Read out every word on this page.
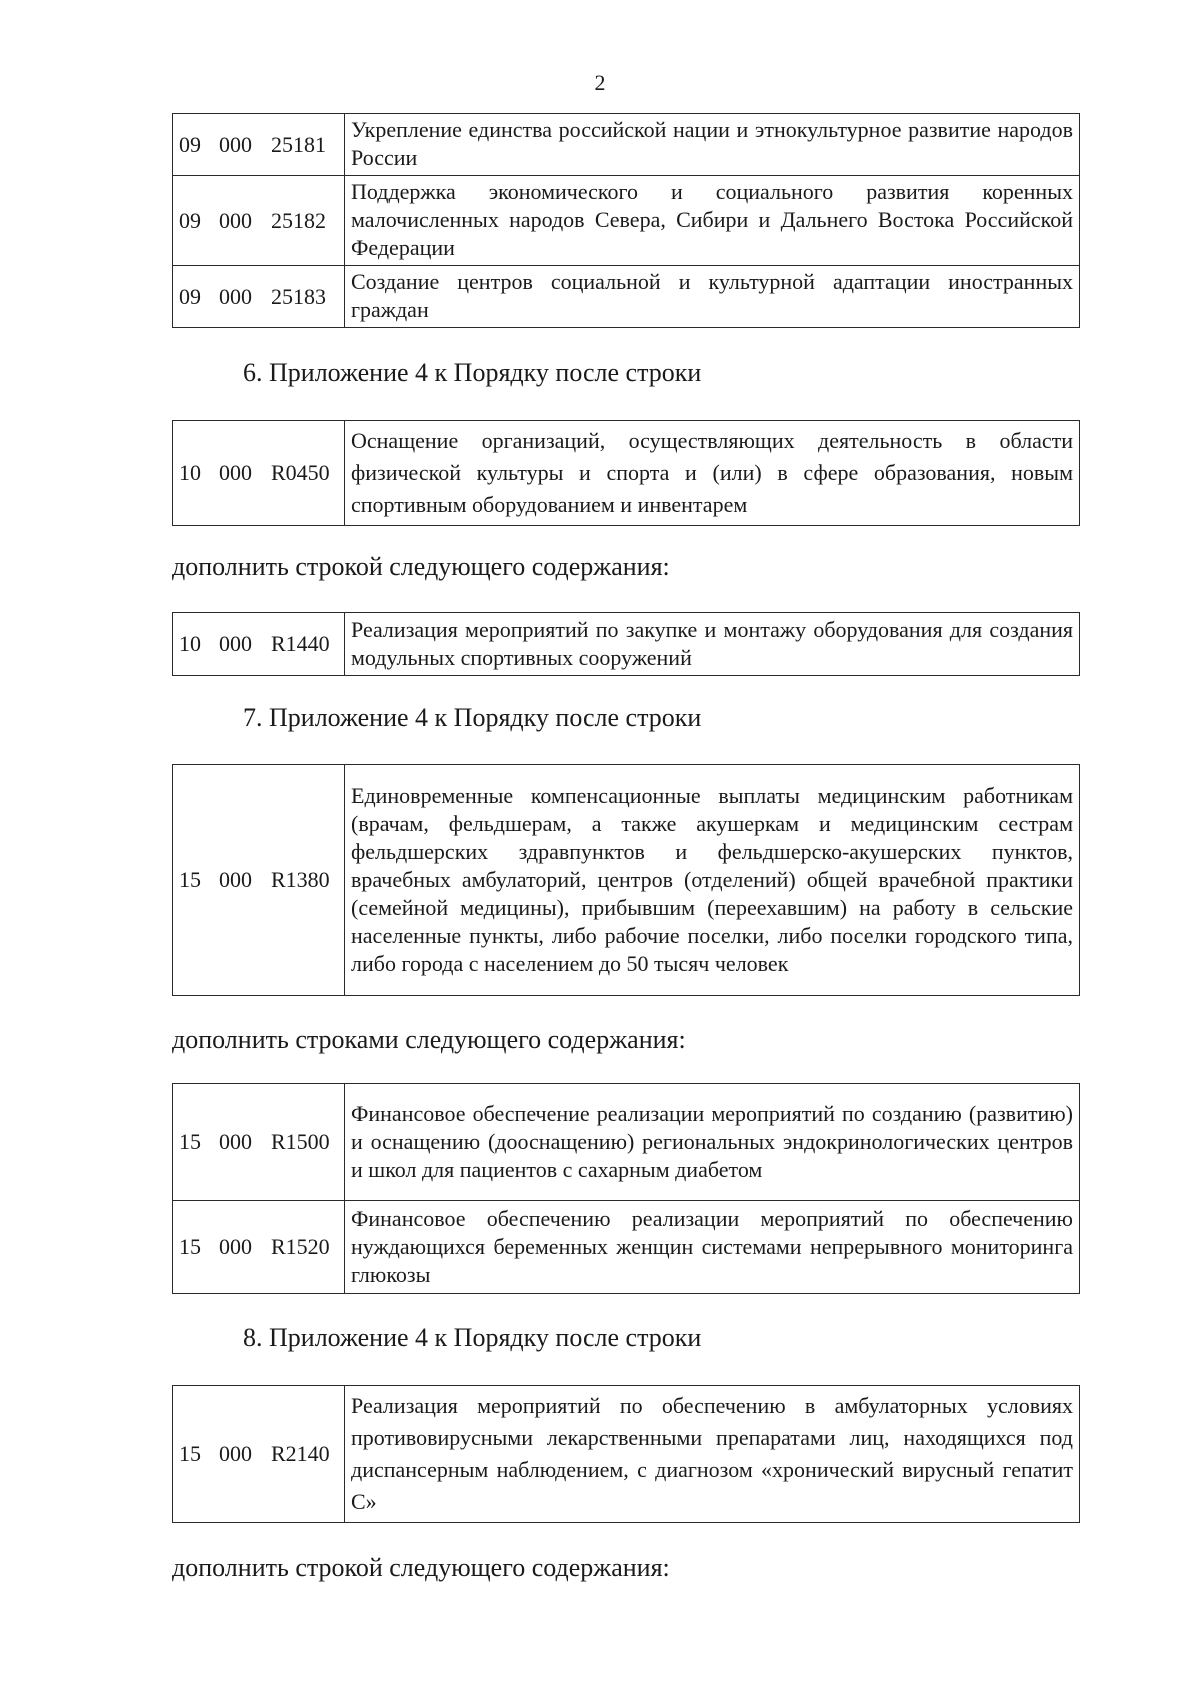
2
09 000 25181	Укрепление единства российской нации и этнокультурное развитие народов России
09 000 25182	Поддержка экономического и социального развития коренных малочисленных народов Севера, Сибири и Дальнего Востока Российской Федерации
09 000 25183	Создание центров социальной и культурной адаптации иностранных граждан
6. Приложение 4 к Порядку после строки
10 000 R0450	Оснащение организаций, осуществляющих деятельность в области физической культуры и спорта и (или) в сфере образования, новым спортивным оборудованием и инвентарем
дополнить строкой следующего содержания:
10 000 R1440	Реализация мероприятий по закупке и монтажу оборудования для создания модульных спортивных сооружений
7. Приложение 4 к Порядку после строки
15 000 R1380	Единовременные компенсационные выплаты медицинским работникам (врачам, фельдшерам, а также акушеркам и медицинским сестрам фельдшерских здравпунктов и фельдшерско-акушерских пунктов, врачебных амбулаторий, центров (отделений) общей врачебной практики (семейной медицины), прибывшим (переехавшим) на работу в сельские населенные пункты, либо рабочие поселки, либо поселки городского типа, либо города с населением до 50 тысяч человек
дополнить строками следующего содержания:
15 000 R1500	Финансовое обеспечение реализации мероприятий по созданию (развитию) и оснащению (дооснащению) региональных эндокринологических центров и школ для пациентов с сахарным диабетом
15 000 R1520	Финансовое обеспечению реализации мероприятий по обеспечению нуждающихся беременных женщин системами непрерывного мониторинга глюкозы
8. Приложение 4 к Порядку после строки
15 000 R2140	Реализация мероприятий по обеспечению в амбулаторных условиях противовирусными лекарственными препаратами лиц, находящихся под диспансерным наблюдением, с диагнозом «хронический вирусный гепатит С»
дополнить строкой следующего содержания:
